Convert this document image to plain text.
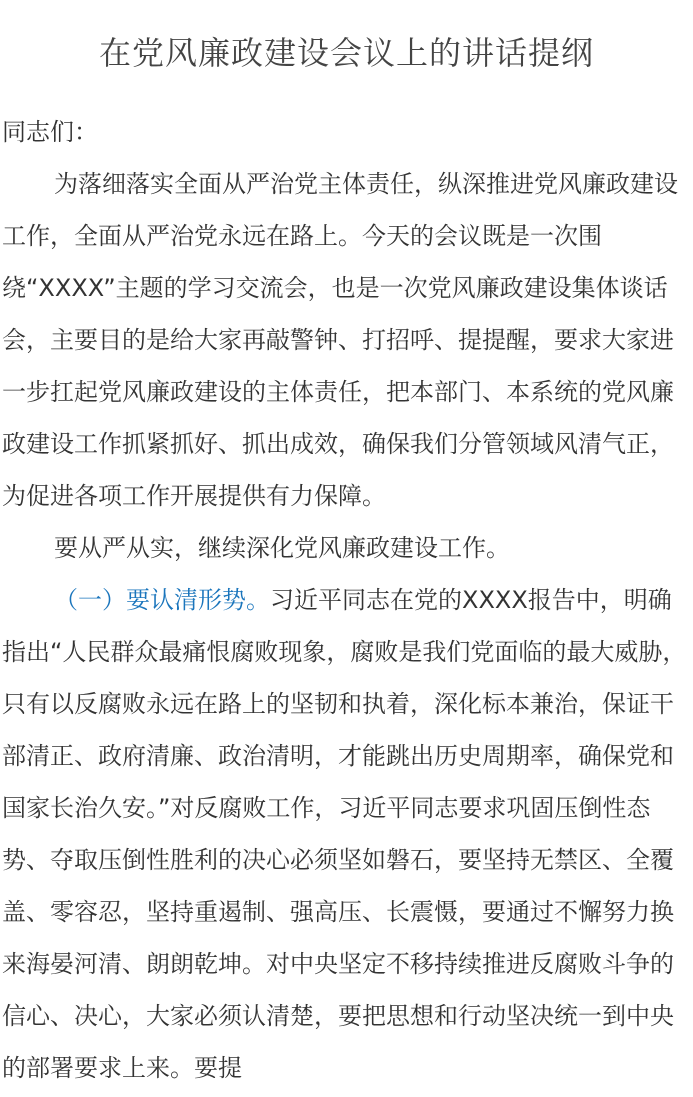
在党风廉政建设会议上的讲话提纲

同志们：

为落细落实全面从严治党主体责任，纵深推进党风廉政建设工作，全面从严治党永远在路上。今天的会议既是一次围绕“XXXX”主题的学习交流会，也是一次党风廉政建设集体谈话会，主要目的是给大家再敲警钟、打招呼、提提醒，要求大家进一步扛起党风廉政建设的主体责任，把本部门、本系统的党风廉政建设工作抓紧抓好、抓出成效，确保我们分管领域风清气正，为促进各项工作开展提供有力保障。

要从严从实，继续深化党风廉政建设工作。

（一）要认清形势。习近平同志在党的XXXX报告中，明确指出“人民群众最痛恨腐败现象，腐败是我们党面临的最大威胁，只有以反腐败永远在路上的坚韧和执着，深化标本兼治，保证干部清正、政府清廉、政治清明，才能跳出历史周期率，确保党和国家长治久安。”对反腐败工作，习近平同志要求巩固压倒性态势、夺取压倒性胜利的决心必须坚如磐石，要坚持无禁区、全覆盖、零容忍，坚持重遏制、强高压、长震慑，要通过不懈努力换来海晏河清、朗朗乾坤。对中央坚定不移持续推进反腐败斗争的信心、决心，大家必须认清楚，要把思想和行动坚决统一到中央的部署要求上来。要提
